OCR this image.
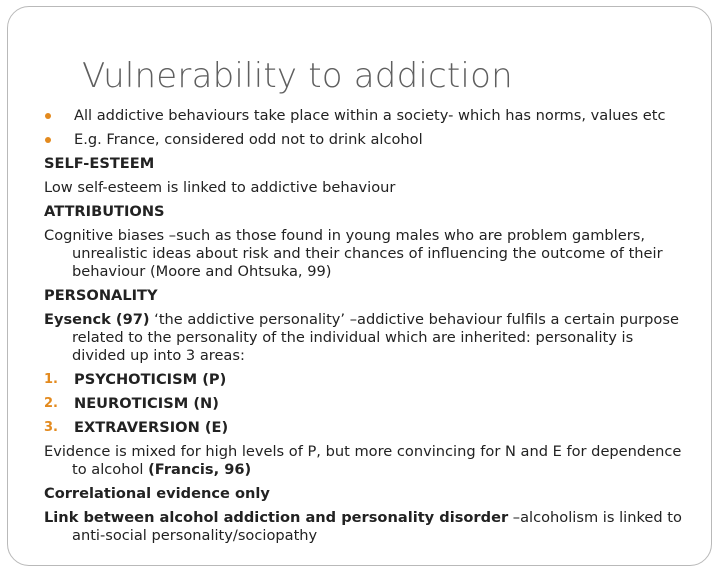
Vulnerability to addiction
All addictive behaviours take place within a society- which has norms, values etc
E.g. France, considered odd not to drink alcohol
SELF-ESTEEM
Low self-esteem is linked to addictive behaviour
ATTRIBUTIONS
Cognitive biases –such as those found in young males who are problem gamblers, unrealistic ideas about risk and their chances of influencing the outcome of their behaviour (Moore and Ohtsuka, 99)
PERSONALITY
Eysenck (97) ‘the addictive personality’ –addictive behaviour fulfils a certain purpose related to the personality of the individual which are inherited: personality is divided up into 3 areas:
1. PSYCHOTICISM (P)
2. NEUROTICISM (N)
3. EXTRAVERSION (E)
Evidence is mixed for high levels of P, but more convincing for N and E for dependence to alcohol (Francis, 96)
Correlational evidence only
Link between alcohol addiction and personality disorder –alcoholism is linked to anti-social personality/sociopathy
